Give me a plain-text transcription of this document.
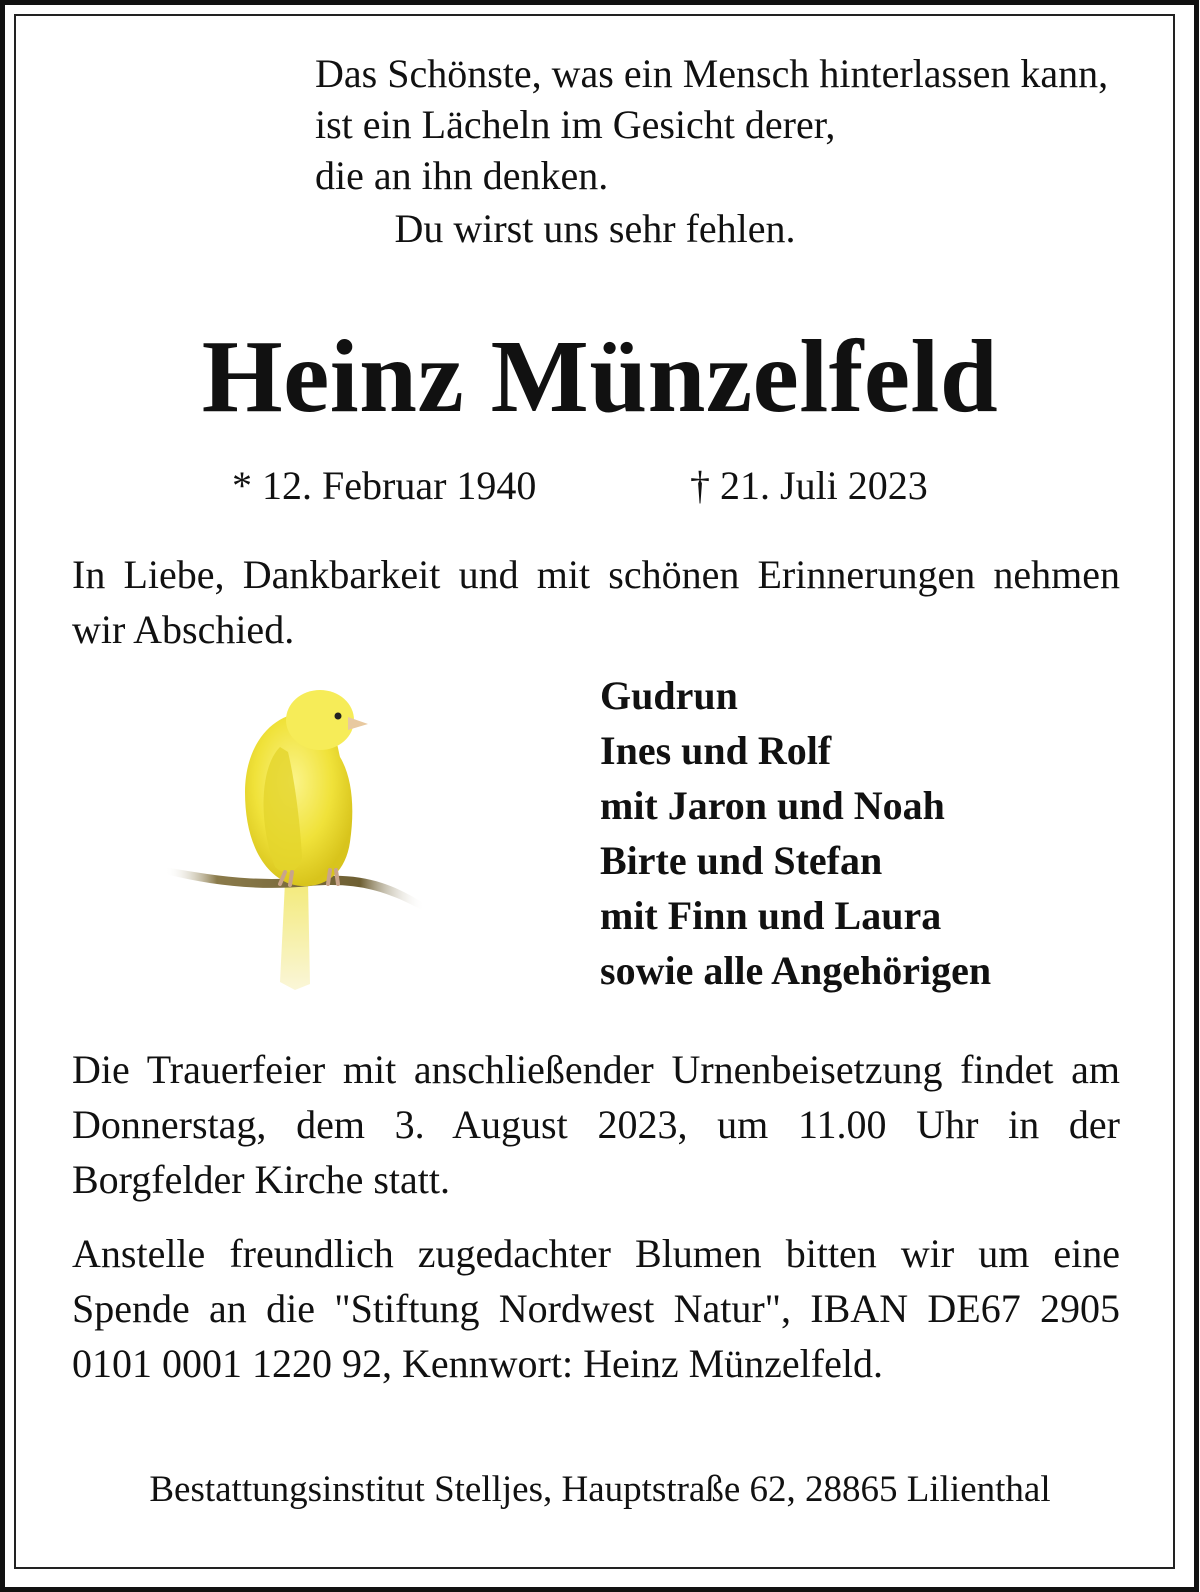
Das Schönste, was ein Mensch hinterlassen kann,
ist ein Lächeln im Gesicht derer,
die an ihn denken.
Du wirst uns sehr fehlen.
Heinz Münzelfeld
* 12. Februar 1940	† 21. Juli 2023
In Liebe, Dankbarkeit und mit schönen Erinnerungen nehmen wir Abschied.
Gudrun
Ines und Rolf
mit Jaron und Noah
Birte und Stefan
mit Finn und Laura
sowie alle Angehörigen
Die Trauerfeier mit anschließender Urnenbeisetzung findet am Donnerstag, dem 3. August 2023, um 11.00 Uhr in der Borgfelder Kirche statt.
Anstelle freundlich zugedachter Blumen bitten wir um eine Spende an die "Stiftung Nordwest Natur", IBAN DE67 2905 0101 0001 1220 92, Kennwort: Heinz Münzelfeld.
Bestattungsinstitut Stelljes, Hauptstraße 62, 28865 Lilienthal
